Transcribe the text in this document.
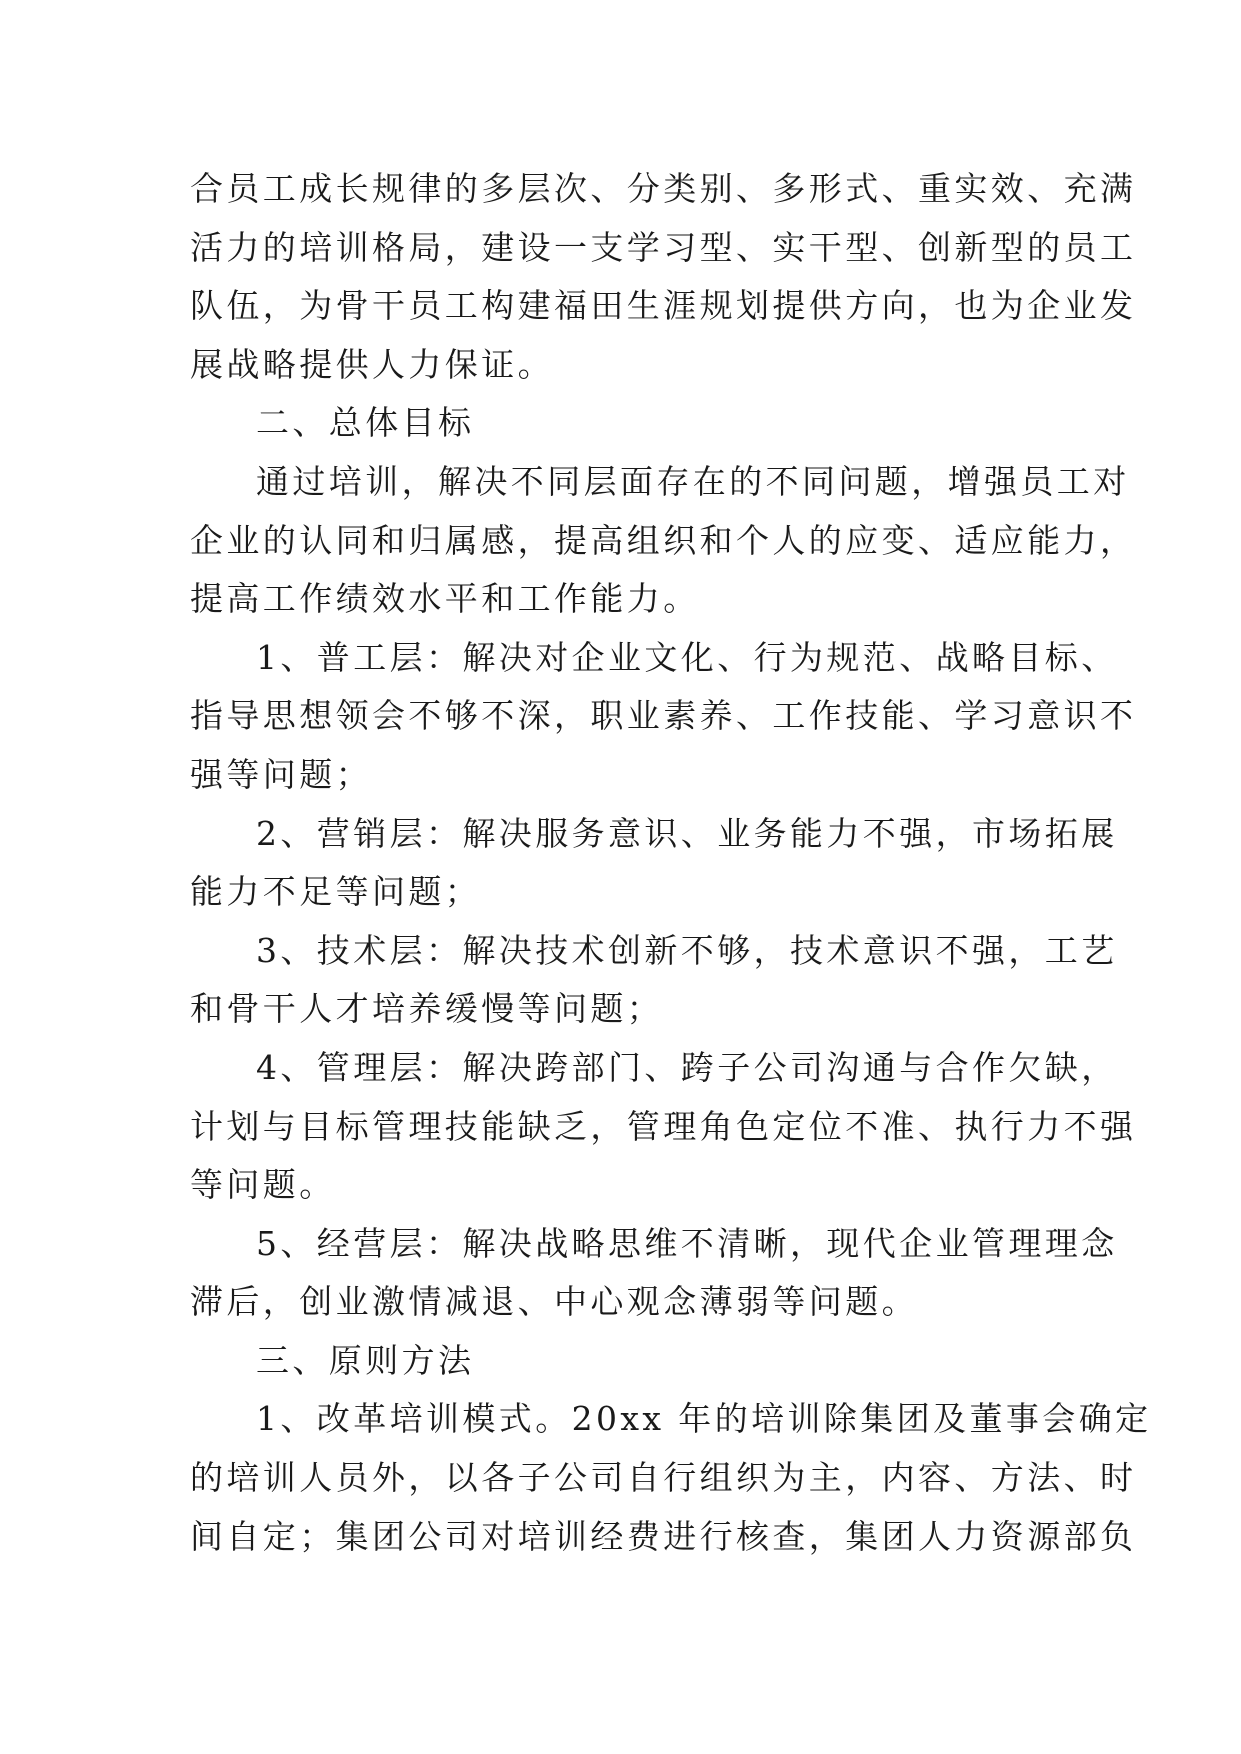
合员工成长规律的多层次、分类别、多形式、重实效、充满
活力的培训格局，建设一支学习型、实干型、创新型的员工
队伍，为骨干员工构建福田生涯规划提供方向，也为企业发
展战略提供人力保证。
二、总体目标
通过培训，解决不同层面存在的不同问题，增强员工对
企业的认同和归属感，提高组织和个人的应变、适应能力，
提高工作绩效水平和工作能力。
1、普工层：解决对企业文化、行为规范、战略目标、
指导思想领会不够不深，职业素养、工作技能、学习意识不
强等问题；
2、营销层：解决服务意识、业务能力不强，市场拓展
能力不足等问题；
3、技术层：解决技术创新不够，技术意识不强，工艺
和骨干人才培养缓慢等问题；
4、管理层：解决跨部门、跨子公司沟通与合作欠缺，
计划与目标管理技能缺乏，管理角色定位不准、执行力不强
等问题。
5、经营层：解决战略思维不清晰，现代企业管理理念
滞后，创业激情减退、中心观念薄弱等问题。
三、原则方法
1、改革培训模式。20xx 年的培训除集团及董事会确定
的培训人员外，以各子公司自行组织为主，内容、方法、时
间自定；集团公司对培训经费进行核查，集团人力资源部负
